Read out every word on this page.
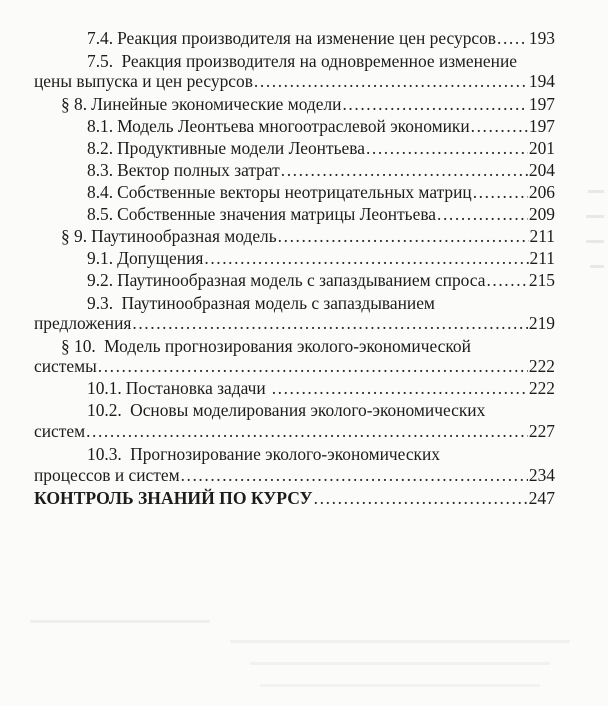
7.4. Реакция производителя на изменение цен ресурсов ..... 193
7.5. Реакция производителя на одновременное изменение
цены выпуска и цен ресурсов .....	194
§ 8. Линейные экономические модели .....	197
8.1. Модель Леонтьева многоотраслевой экономики .....	197
8.2. Продуктивные модели Леонтьева .....	201
8.3. Вектор полных затрат .....	204
8.4. Собственные векторы неотрицательных матриц .....	206
8.5. Собственные значения матрицы Леонтьева .....	209
§ 9. Паутинообразная модель .....	211
9.1. Допущения .....	211
9.2. Паутинообразная модель с запаздыванием спроса ..... 215
9.3. Паутинообразная модель с запаздыванием
предложения .....	219
§ 10. Модель прогнозирования эколого-экономической
системы .....	222
10.1. Постановка задачи .....	222
10.2. Основы моделирования эколого-экономических
систем .....	227
10.3. Прогнозирование эколого-экономических
процессов и систем .....	234
КОНТРОЛЬ ЗНАНИЙ ПО КУРСУ .....	247
